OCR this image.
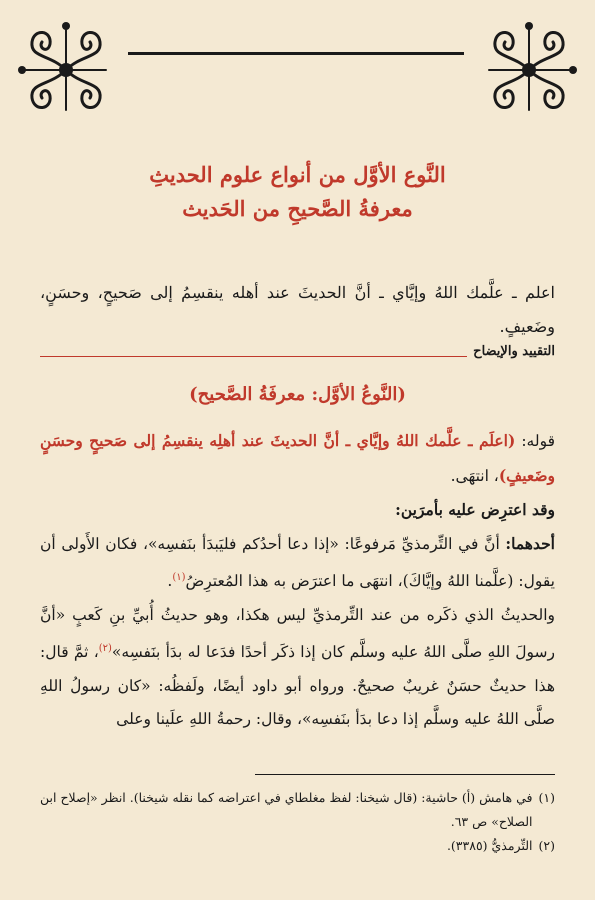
النَّوع الأوَّل من أنواع علوم الحديثِ
معرفةُ الصَّحيحِ من الحَديث
اعلم ـ علَّمك اللهُ وإيَّاي ـ أنَّ الحديثَ عند أهله ينقسِمُ إلى صَحيحٍ، وحسَنٍ، وضَعيفٍ.
التقييد والإيضاح
(النَّوعُ الأوَّل: معرفَةُ الصَّحيح)

قوله: (اعلَم ـ علَّمك اللهُ وإيَّاي ـ أنَّ الحديثَ عند أهلِه ينقسِمُ إلى صَحيحٍ وحسَنٍ وضَعيفٍ)، انتهَى.

وقد اعترِض عليه بأمرَين:

أحدهما: أنَّ في التِّرمذيِّ مَرفوعًا: «إذا دعا أحدُكم فليَبدَأ بنَفسِه»، فكان الأَولى أن يقول: (علَّمنا اللهُ وإيَّاكَ)، انتهَى ما اعترَض به هذا المُعترِضُ$^{(١)}$.

والحديثُ الذي ذكَره من عند التِّرمذيِّ ليس هكذا، وهو حديثُ أُبيِّ بنِ كَعبٍ «أنَّ رسولَ اللهِ صلَّى اللهُ عليه وسلَّم كان إذا ذكَر أحدًا فدَعا له بدَأ بنَفسِه»$^{(٢)}$، ثمَّ قال: هذا حديثٌ حسَنٌ غريبٌ صحيحٌ. ورواه أبو داود أيضًا، ولَفظُه: «كان رسولُ اللهِ صلَّى اللهُ عليه وسلَّم إذا دعا بدَأ بنَفسِه»، وقال: رحمةُ اللهِ علَينا وعلى

(١)
في هامش (أ) حاشية: (قال شيخنا: لفظ مغلطاي في اعتراضه كما نقله شيخنا). انظر «إصلاح ابن الصلاح» ص ٦٣.
(٢)
التِّرمذيُّ (٣٣٨٥).
